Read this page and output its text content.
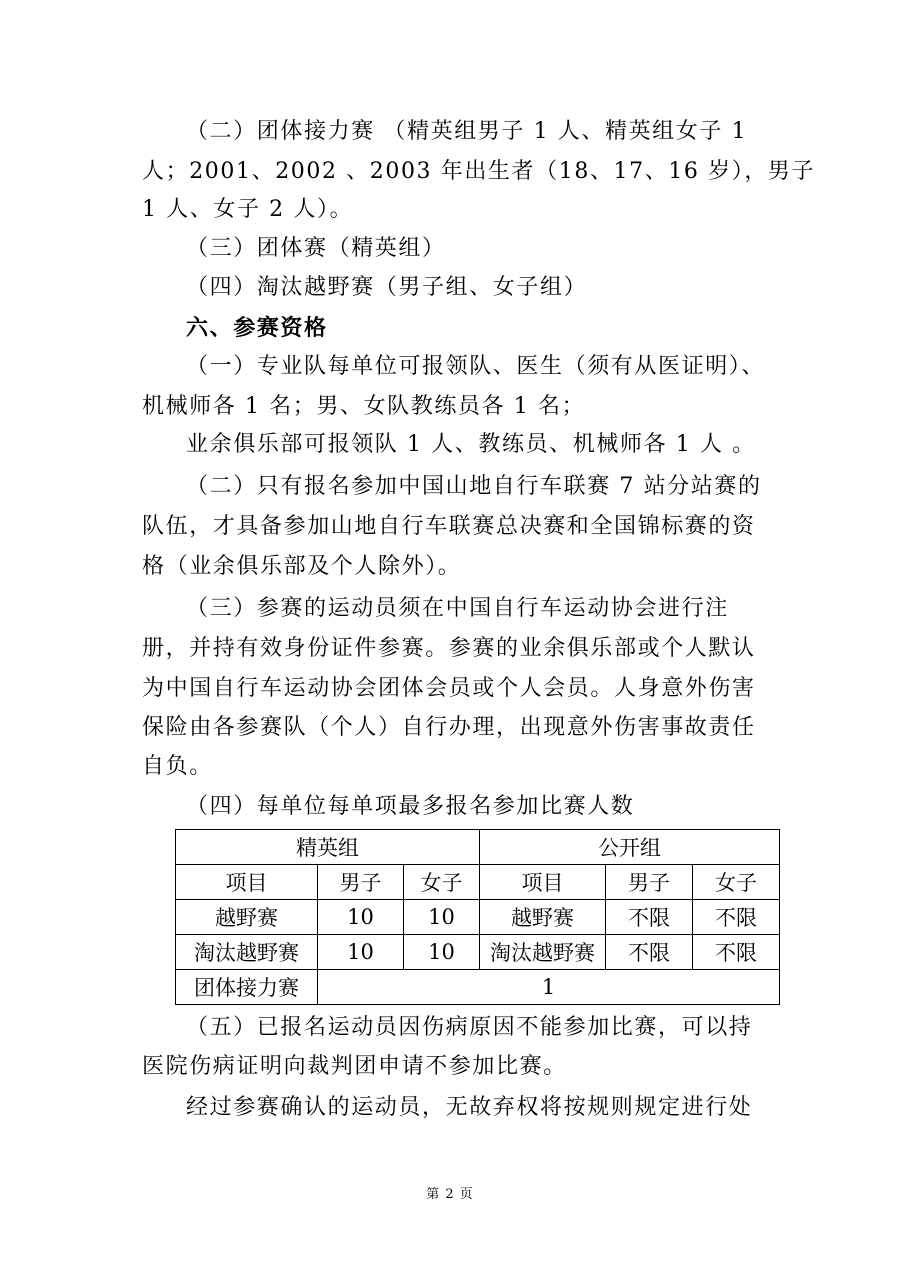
（二）团体接力赛 （精英组男子 1 人、精英组女子 1
人；2001、2002 、2003 年出生者（18、17、16 岁），男子
1 人、女子 2 人）。
（三）团体赛（精英组）
（四）淘汰越野赛（男子组、女子组）
六、参赛资格
（一）专业队每单位可报领队、医生（须有从医证明）、
机械师各 1 名；男、女队教练员各 1 名；
业余俱乐部可报领队 1 人、教练员、机械师各 1 人 。
（二）只有报名参加中国山地自行车联赛 7 站分站赛的
队伍，才具备参加山地自行车联赛总决赛和全国锦标赛的资
格（业余俱乐部及个人除外）。
（三）参赛的运动员须在中国自行车运动协会进行注
册，并持有效身份证件参赛。参赛的业余俱乐部或个人默认
为中国自行车运动协会团体会员或个人会员。人身意外伤害
保险由各参赛队（个人）自行办理，出现意外伤害事故责任
自负。
（四）每单位每单项最多报名参加比赛人数
精英组			公开组		
项目	男子	女子	项目	男子	女子
越野赛	10	10	越野赛	不限	不限
淘汰越野赛	10	10	淘汰越野赛	不限	不限
团体接力赛	1				
（五）已报名运动员因伤病原因不能参加比赛，可以持
医院伤病证明向裁判团申请不参加比赛。
经过参赛确认的运动员，无故弃权将按规则规定进行处
第 2 页
